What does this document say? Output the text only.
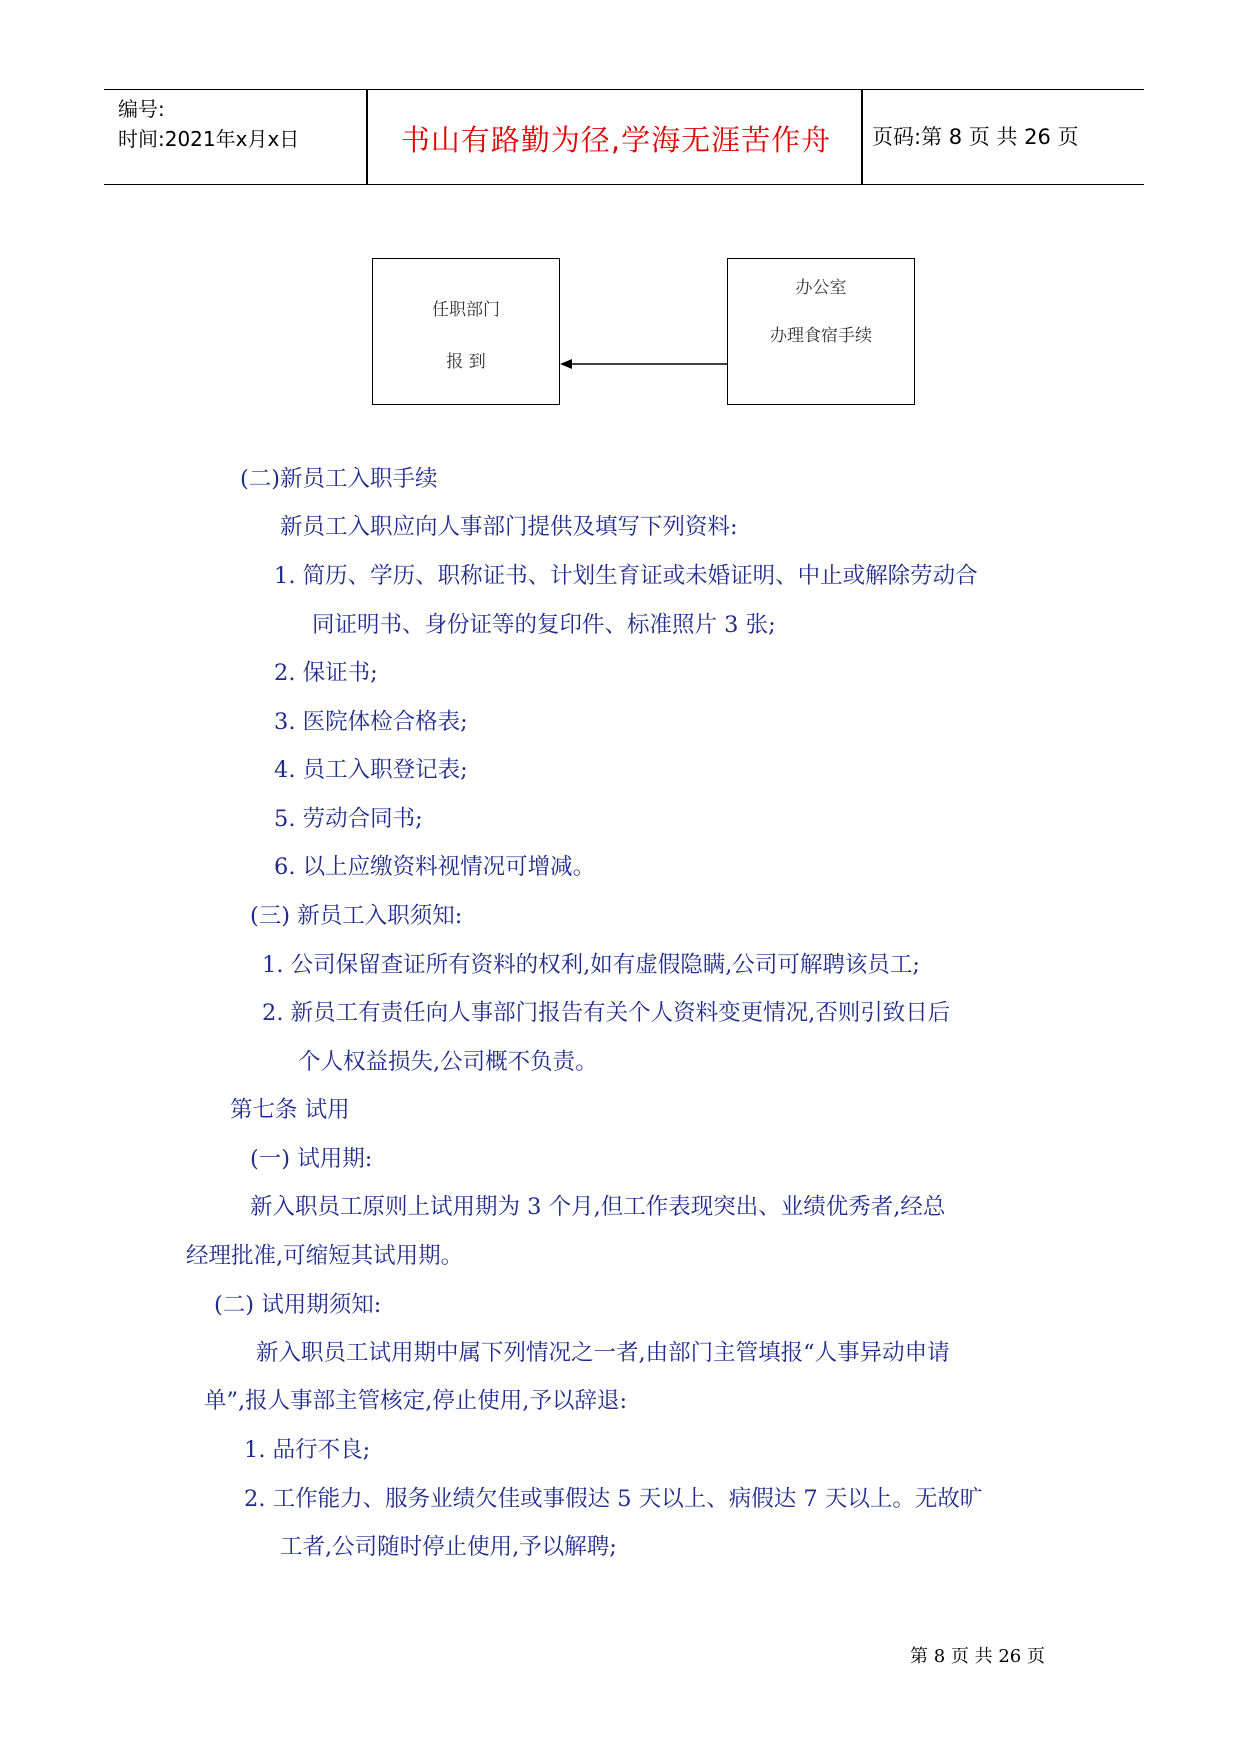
编号:
时间:2021年x月x日	书山有路勤为径,学海无涯苦作舟	页码:第 8 页 共 26 页
任职部门
报 到
办公室
办理食宿手续
(二)新员工入职手续
新员工入职应向人事部门提供及填写下列资料:
1. 简历、学历、职称证书、计划生育证或未婚证明、中止或解除劳动合
同证明书、身份证等的复印件、标准照片 3 张;
2. 保证书;
3. 医院体检合格表;
4. 员工入职登记表;
5. 劳动合同书;
6. 以上应缴资料视情况可增减。
(三) 新员工入职须知:
1. 公司保留查证所有资料的权利,如有虚假隐瞒,公司可解聘该员工;
2. 新员工有责任向人事部门报告有关个人资料变更情况,否则引致日后
个人权益损失,公司概不负责。
第七条 试用
(一) 试用期:
新入职员工原则上试用期为 3 个月,但工作表现突出、业绩优秀者,经总
经理批准,可缩短其试用期。
(二) 试用期须知:
新入职员工试用期中属下列情况之一者,由部门主管填报“人事异动申请
单”,报人事部主管核定,停止使用,予以辞退:
1. 品行不良;
2. 工作能力、服务业绩欠佳或事假达 5 天以上、病假达 7 天以上。无故旷
工者,公司随时停止使用,予以解聘;
第 8 页 共 26 页
